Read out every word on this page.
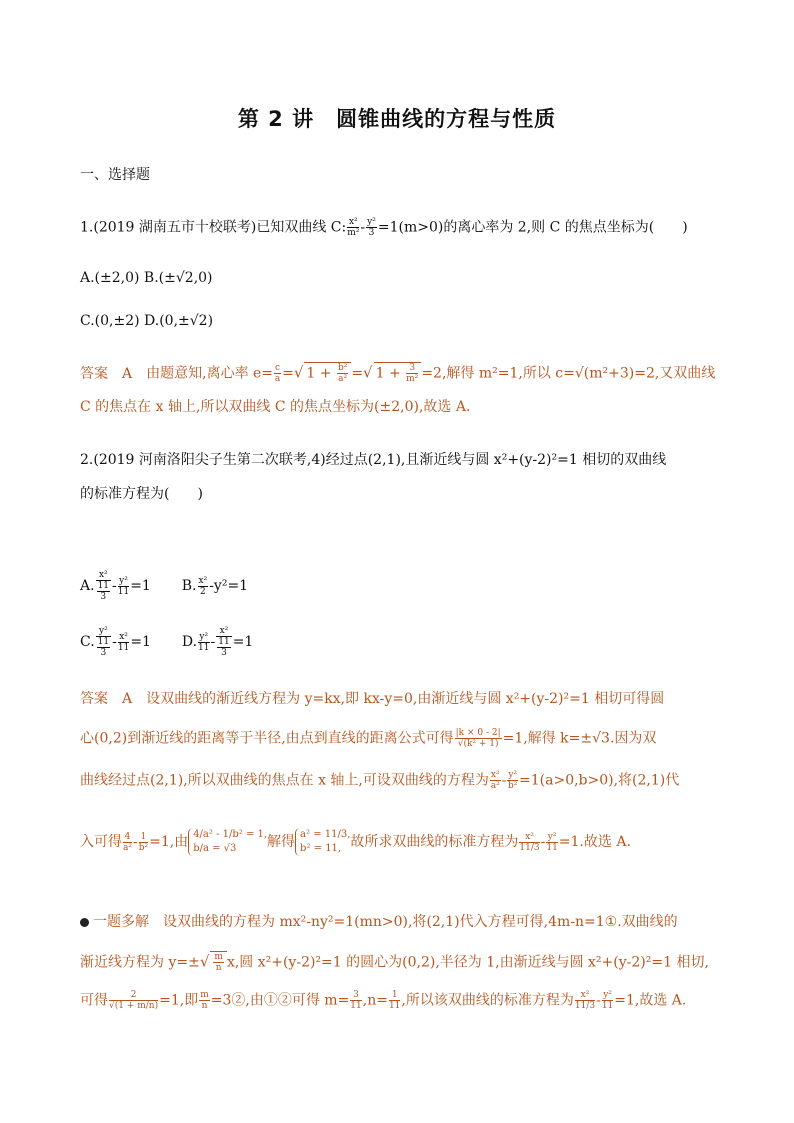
第 2 讲　圆锥曲线的方程与性质
一、选择题
1.(2019 湖南五市十校联考)已知双曲线 C: $\frac{\text{x²}}{\text{m²}} - \frac{\text{y²}}{3} =1(m>0)$的离心率为 2,则 C 的焦点坐标为(　　)
A.(±2,0) B.(±√2,0)
C.(0,±2) D.(0,±√2)
答案　A 由题意知,离心率 $e= \frac{c}{a}$ =√ $1 + \frac{\text{b²}}{\text{a²}}$ =√ $1 + \frac{3}{\text{m²}} =2$,解得 m²=1,所以 c=√(m²+3)=2,又双曲线
C 的焦点在 x 轴上,所以双曲线 C 的焦点坐标为(±2,0),故选 A.
2.(2019 河南洛阳尖子生第二次联考,4)经过点(2,1),且渐近线与圆 x²+(y-2)²=1 相切的双曲线
的标准方程为(　　)
A. x²
11
$3 - \frac{\text{y²}}{11} =1$  B. $\frac{\text{x²}}{2} -y^2=1$
C. y²
11
$3 - \frac{\text{x²}}{11} =1$  D. $\frac{\text{y²}}{11} - x^2$
11
3 =1
答案　A 设双曲线的渐近线方程为 y=kx,即 kx-y=0,由渐近线与圆 x²+(y-2)²=1 相切可得圆
心(0,2)到渐近线的距离等于半径,由点到直线的距离公式可得 $\frac{|k \times 0 - 2|}{\text{√(k² + 1)}} =1$,解得 k=±√3.因为双
曲线经过点(2,1),所以双曲线的焦点在 x 轴上,可设双曲线的方程为 $\frac{\text{x²}}{\text{a²}} - \frac{\text{y²}}{\text{b²}} =1(a>0,b>0)$,将(2,1)代
入可得 $\frac{4}{\text{a²}} - \frac{1}{\text{b²}} =1$,由 4/a² - 1/b² = 1,
b/a = √3 解得 a² = 11/3,
b² = 11, 故所求双曲线的标准方程为 $\frac{\text{x²}}{11/3} - \frac{\text{y²}}{11} =1$.故选 A.
一题多解 设双曲线的方程为 mx²-ny²=1(mn>0),将(2,1)代入方程可得,4m-n=1①.双曲线的
渐近线方程为 $y=\pm√ \frac{m}{n} x$,圆 x²+(y-2)²=1 的圆心为(0,2),半径为 1,由渐近线与圆 x²+(y-2)²=1 相切,
可得 $\frac{2}{√(1 + m/n)} =1$,即 $\frac{m}{n}$ =3②,由①②可得 $m= \frac{3}{11} ,n= \frac{1}{11}$ ,所以该双曲线的标准方程为 $\frac{\text{x²}}{11/3} - \frac{\text{y²}}{11} =1$,故选 A.
